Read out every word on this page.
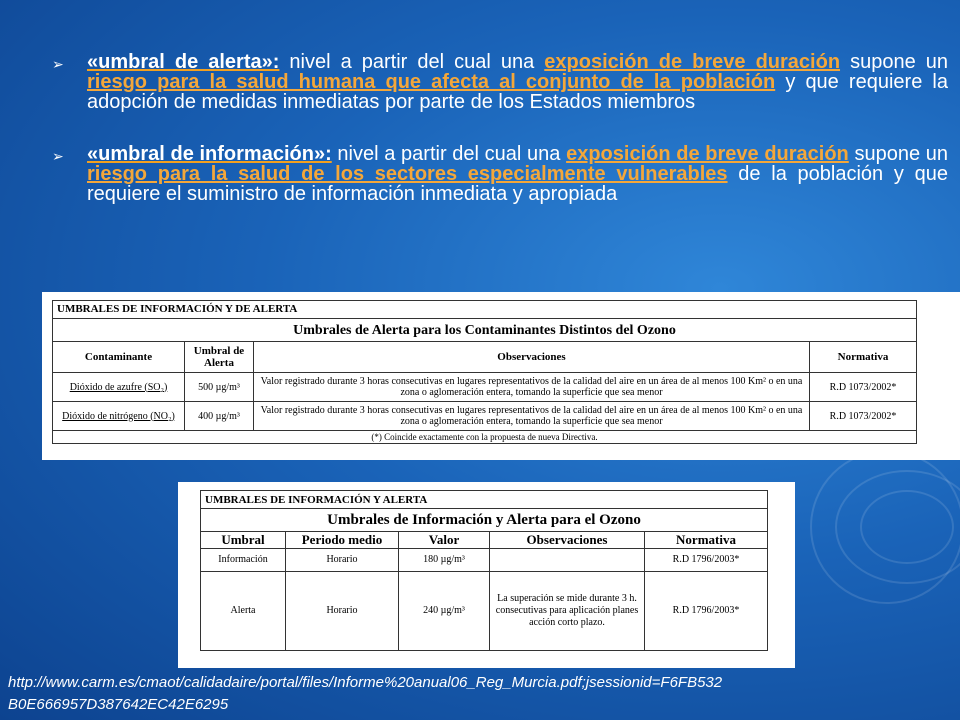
➢ «umbral de alerta»: nivel a partir del cual una exposición de breve duración supone un riesgo para la salud humana que afecta al conjunto de la población y que requiere la adopción de medidas inmediatas por parte de los Estados miembros
➢ «umbral de información»: nivel a partir del cual una exposición de breve duración supone un riesgo para la salud de los sectores especialmente vulnerables de la población y que requiere el suministro de información inmediata y apropiada
UMBRALES DE INFORMACIÓN Y DE ALERTA			
Umbrales de Alerta para los Contaminantes Distintos del Ozono			
Contaminante	Umbral de Alerta	Observaciones	Normativa
Dióxido de azufre (SO₂)	500 µg/m³	Valor registrado durante 3 horas consecutivas en lugares representativos de la calidad del aire en un área de al menos 100 Km² o en una zona o aglomeración entera, tomando la superficie que sea menor	R.D 1073/2002*
Dióxido de nitrógeno (NO₂)	400 µg/m³	Valor registrado durante 3 horas consecutivas en lugares representativos de la calidad del aire en un área de al menos 100 Km² o en una zona o aglomeración entera, tomando la superficie que sea menor	R.D 1073/2002*
(*) Coincide exactamente con la propuesta de nueva Directiva.			
UMBRALES DE INFORMACIÓN Y ALERTA				
Umbrales de Información y Alerta para el Ozono				
Umbral	Periodo medio	Valor	Observaciones	Normativa
Información	Horario	180 µg/m³		R.D 1796/2003*
Alerta	Horario	240 µg/m³	La superación se mide durante 3 h. consecutivas para aplicación planes acción corto plazo.	R.D 1796/2003*
http://www.carm.es/cmaot/calidadaire/portal/files/Informe%20anual06_Reg_Murcia.pdf;jsessionid=F6FB532
B0E666957D387642EC42E6295
